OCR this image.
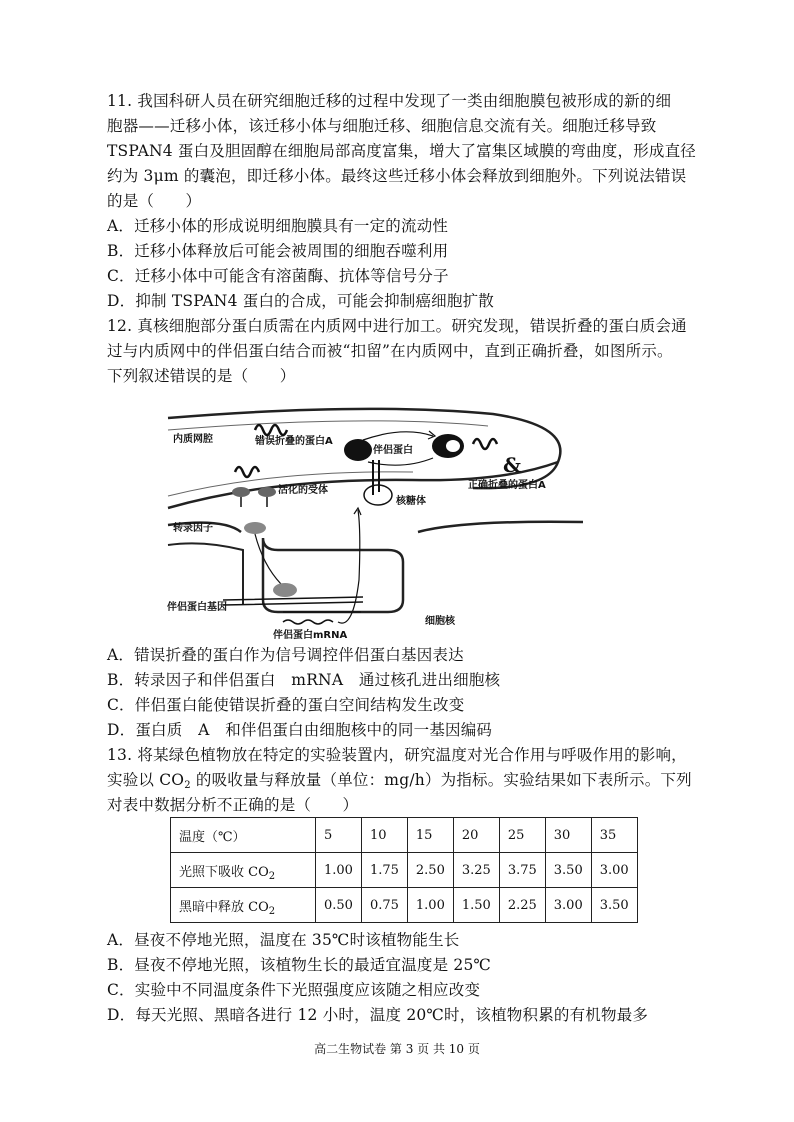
11. 我国科研人员在研究细胞迁移的过程中发现了一类由细胞膜包被形成的新的细
胞器——迁移小体，该迁移小体与细胞迁移、细胞信息交流有关。细胞迁移导致
TSPAN4 蛋白及胆固醇在细胞局部高度富集，增大了富集区域膜的弯曲度，形成直径
约为 3μm 的囊泡，即迁移小体。最终这些迁移小体会释放到细胞外。下列说法错误
的是（　　）
A．迁移小体的形成说明细胞膜具有一定的流动性
B．迁移小体释放后可能会被周围的细胞吞噬利用
C．迁移小体中可能含有溶菌酶、抗体等信号分子
D．抑制 TSPAN4 蛋白的合成，可能会抑制癌细胞扩散
12. 真核细胞部分蛋白质需在内质网中进行加工。研究发现，错误折叠的蛋白质会通
过与内质网中的伴侣蛋白结合而被“扣留”在内质网中，直到正确折叠，如图所示。
下列叙述错误的是（　　）
&
内质网腔	错误折叠的蛋白A
伴侣蛋白
正确折叠的蛋白A
活化的受体
核糖体
转录因子
伴侣蛋白基因
伴侣蛋白mRNA
细胞核
A．错误折叠的蛋白作为信号调控伴侣蛋白基因表达
B．转录因子和伴侣蛋白　mRNA　通过核孔进出细胞核
C．伴侣蛋白能使错误折叠的蛋白空间结构发生改变
D．蛋白质　A　和伴侣蛋白由细胞核中的同一基因编码
13. 将某绿色植物放在特定的实验装置内，研究温度对光合作用与呼吸作用的影响，
实验以 $CO_2$ 的吸收量与释放量（单位：mg/h）为指标。实验结果如下表所示。下列
对表中数据分析不正确的是（　　）
温度（℃）	5	10	15	20	25	30	35
光照下吸收 $CO_2$	1.00	1.75	2.50	3.25	3.75	3.50	3.00
黑暗中释放 $CO_2$	0.50	0.75	1.00	1.50	2.25	3.00	3.50
A．昼夜不停地光照，温度在 35℃时该植物能生长
B．昼夜不停地光照，该植物生长的最适宜温度是 25℃
C．实验中不同温度条件下光照强度应该随之相应改变
D．每天光照、黑暗各进行 12 小时，温度 20℃时，该植物积累的有机物最多
高二生物试卷 第 3 页 共 10 页
